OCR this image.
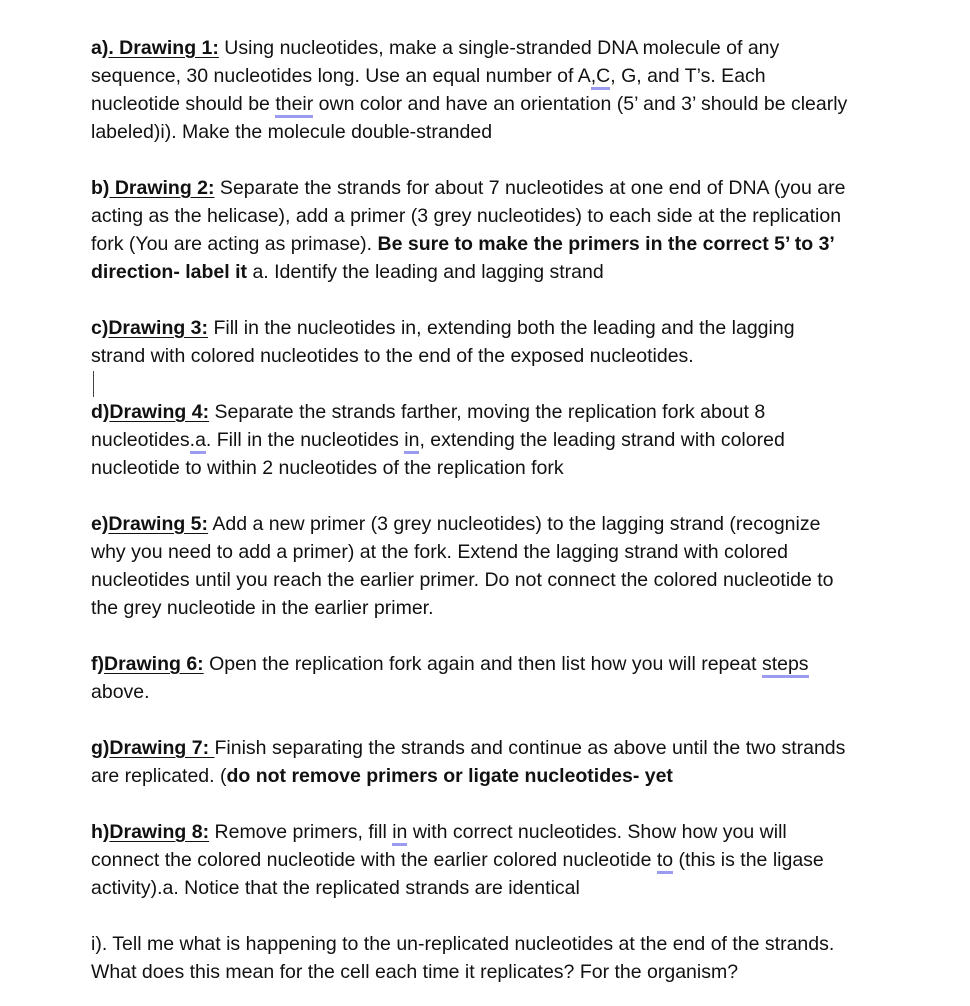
a). Drawing 1: Using nucleotides, make a single-stranded DNA molecule of any
sequence, 30 nucleotides long. Use an equal number of A,C, G, and T’s. Each
nucleotide should be their own color and have an orientation (5’ and 3’ should be clearly
labeled)i). Make the molecule double-stranded

b) Drawing 2: Separate the strands for about 7 nucleotides at one end of DNA (you are
acting as the helicase), add a primer (3 grey nucleotides) to each side at the replication
fork (You are acting as primase). Be sure to make the primers in the correct 5’ to 3’
direction- label it a. Identify the leading and lagging strand

c)Drawing 3: Fill in the nucleotides in, extending both the leading and the lagging
strand with colored nucleotides to the end of the exposed nucleotides.

d)Drawing 4: Separate the strands farther, moving the replication fork about 8
nucleotides.a. Fill in the nucleotides in, extending the leading strand with colored
nucleotide to within 2 nucleotides of the replication fork

e)Drawing 5: Add a new primer (3 grey nucleotides) to the lagging strand (recognize
why you need to add a primer) at the fork. Extend the lagging strand with colored
nucleotides until you reach the earlier primer. Do not connect the colored nucleotide to
the grey nucleotide in the earlier primer.

f)Drawing 6: Open the replication fork again and then list how you will repeat steps
above.

g)Drawing 7: Finish separating the strands and continue as above until the two strands
are replicated. (do not remove primers or ligate nucleotides- yet

h)Drawing 8: Remove primers, fill in with correct nucleotides. Show how you will
connect the colored nucleotide with the earlier colored nucleotide to (this is the ligase
activity).a. Notice that the replicated strands are identical

i). Tell me what is happening to the un-replicated nucleotides at the end of the strands.
What does this mean for the cell each time it replicates? For the organism?
